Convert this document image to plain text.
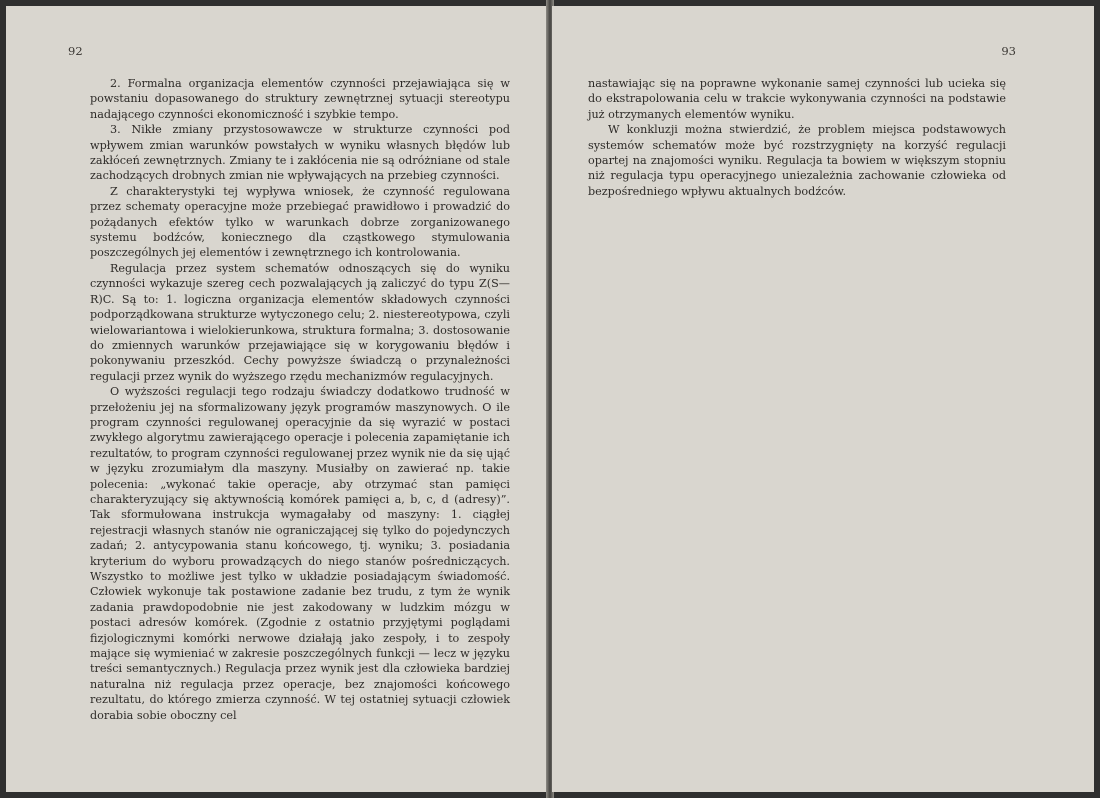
92

2. Formalna organizacja elementów czynności przejawiająca się w powstaniu dopasowanego do struktury zewnętrznej sytuacji stereotypu nadającego czynności ekonomiczność i szybkie tempo.

3. Nikłe zmiany przystosowawcze w strukturze czynności pod wpływem zmian warunków powstałych w wyniku własnych błędów lub zakłóceń zewnętrznych. Zmiany te i zakłócenia nie są odróżniane od stale zachodzących drobnych zmian nie wpływających na przebieg czynności.

Z charakterystyki tej wypływa wniosek, że czynność regulowana przez schematy operacyjne może przebiegać prawidłowo i prowadzić do pożądanych efektów tylko w warunkach dobrze zorganizowanego systemu bodźców, koniecznego dla cząstkowego stymulowania poszczególnych jej elementów i zewnętrznego ich kontrolowania.

Regulacja przez system schematów odnoszących się do wyniku czynności wykazuje szereg cech pozwalających ją zaliczyć do typu Z(S—R)C. Są to: 1. logiczna organizacja elementów składowych czynności podporządkowana strukturze wytyczonego celu; 2. niestereotypowa, czyli wielowariantowa i wielokierunkowa, struktura formalna; 3. dostosowanie do zmiennych warunków przejawiające się w korygowaniu błędów i pokonywaniu przeszkód. Cechy powyższe świadczą o przynależności regulacji przez wynik do wyższego rzędu mechanizmów regulacyjnych.

O wyższości regulacji tego rodzaju świadczy dodatkowo trudność w przełożeniu jej na sformalizowany język programów maszynowych. O ile program czynności regulowanej operacyjnie da się wyrazić w postaci zwykłego algorytmu zawierającego operacje i polecenia zapamiętanie ich rezultatów, to program czynności regulowanej przez wynik nie da się ująć w języku zrozumiałym dla maszyny. Musiałby on zawierać np. takie polecenia: „wykonać takie operacje, aby otrzymać stan pamięci charakteryzujący się aktywnością komórek pamięci a, b, c, d (adresy)”. Tak sformułowana instrukcja wymagałaby od maszyny: 1. ciągłej rejestracji własnych stanów nie ograniczającej się tylko do pojedynczych zadań; 2. antycypowania stanu końcowego, tj. wyniku; 3. posiadania kryterium do wyboru prowadzących do niego stanów pośredniczących. Wszystko to możliwe jest tylko w układzie posiadającym świadomość. Człowiek wykonuje tak postawione zadanie bez trudu, z tym że wynik zadania prawdopodobnie nie jest zakodowany w ludzkim mózgu w postaci adresów komórek. (Zgodnie z ostatnio przyjętymi poglądami fizjologicznymi komórki nerwowe działają jako zespoły, i to zespoły mające się wymieniać w zakresie poszczególnych funkcji — lecz w języku treści semantycznych.) Regulacja przez wynik jest dla człowieka bardziej naturalna niż regulacja przez operacje, bez znajomości końcowego rezultatu, do którego zmierza czynność. W tej ostatniej sytuacji człowiek dorabia sobie oboczny cel

93

nastawiając się na poprawne wykonanie samej czynności lub ucieka się do ekstrapolowania celu w trakcie wykonywania czynności na podstawie już otrzymanych elementów wyniku.

W konkluzji można stwierdzić, że problem miejsca podstawowych systemów schematów może być rozstrzygnięty na korzyść regulacji opartej na znajomości wyniku. Regulacja ta bowiem w większym stopniu niż regulacja typu operacyjnego uniezależnia zachowanie człowieka od bezpośredniego wpływu aktualnych bodźców.
